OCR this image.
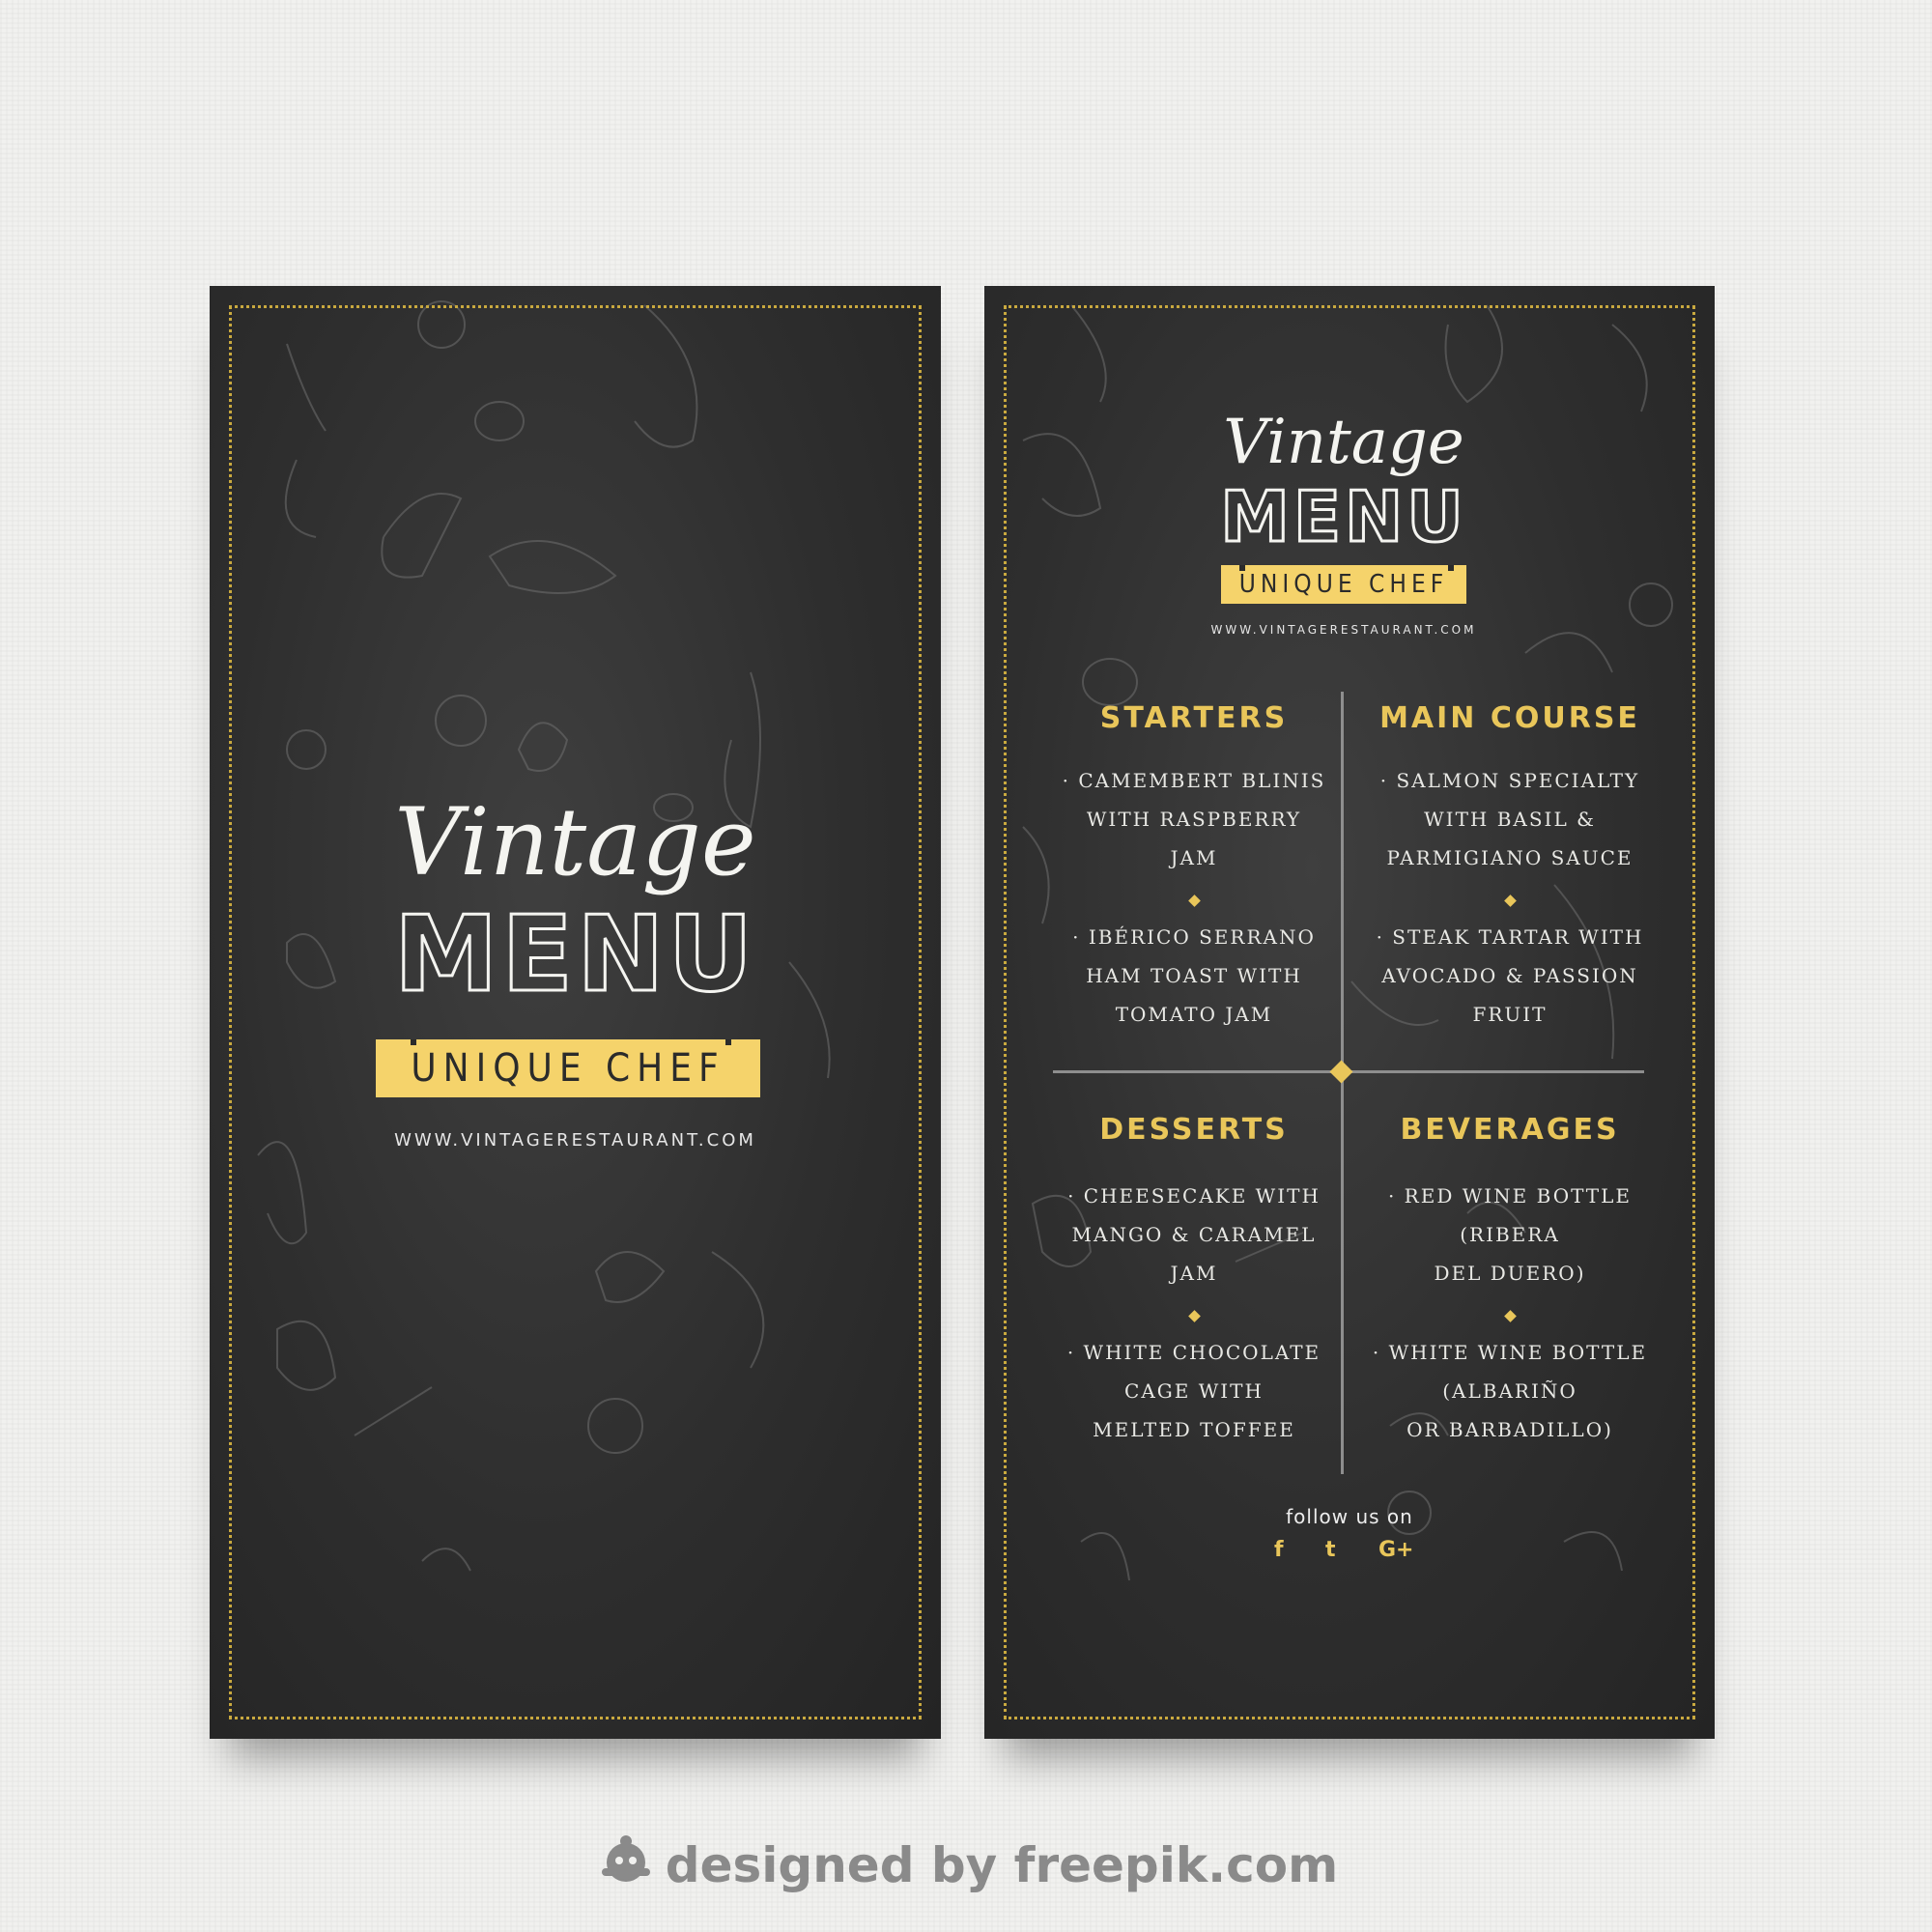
Vintage
MENU
UNIQUE CHEF
WWW.VINTAGERESTAURANT.COM
Vintage
MENU
UNIQUE CHEF
WWW.VINTAGERESTAURANT.COM
STARTERS
· CAMEMBERT BLINIS
WITH RASPBERRY
JAM
· IBÉRICO SERRANO
HAM TOAST WITH
TOMATO JAM
MAIN COURSE
· SALMON SPECIALTY
WITH BASIL &
PARMIGIANO SAUCE
· STEAK TARTAR WITH
AVOCADO & PASSION
FRUIT
DESSERTS
· CHEESECAKE WITH
MANGO & CARAMEL
JAM
· WHITE CHOCOLATE
CAGE WITH
MELTED TOFFEE
BEVERAGES
· RED WINE BOTTLE
(RIBERA
DEL DUERO)
· WHITE WINE BOTTLE
(ALBARIÑO
OR BARBADILLO)
follow us on
f t G+
designed by freepik.com
